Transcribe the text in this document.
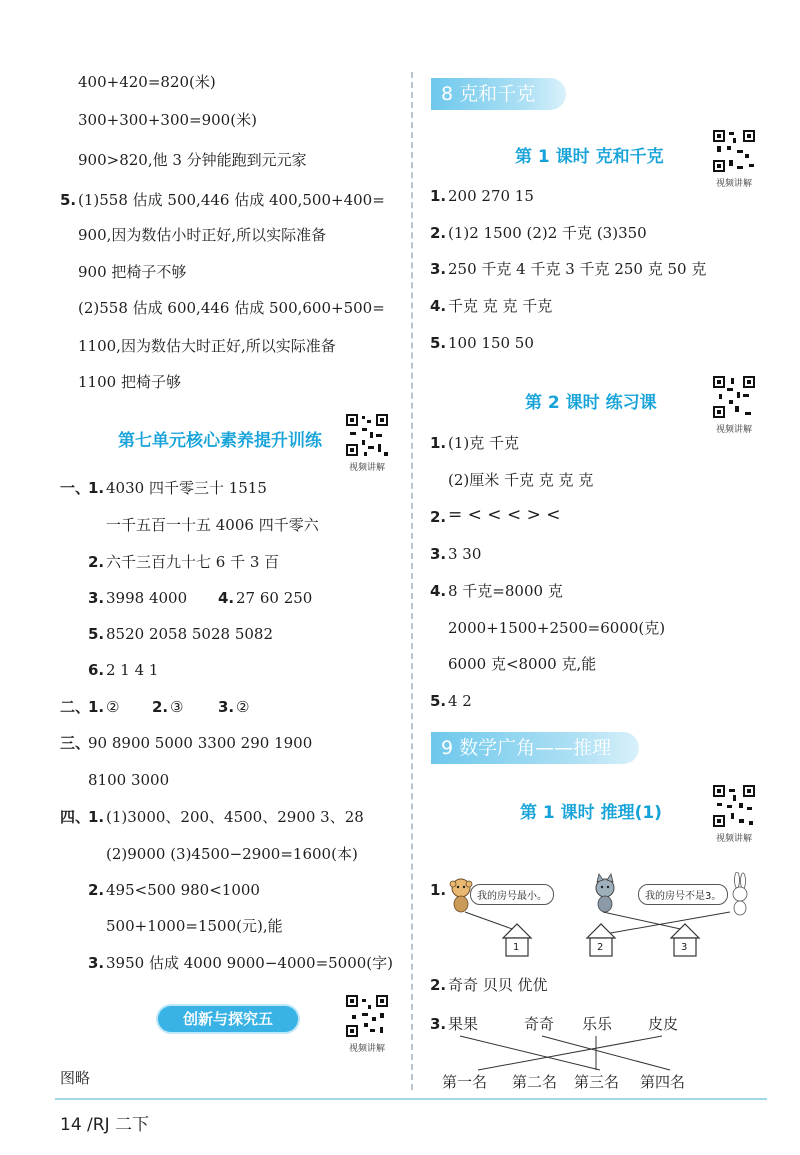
400+420=820(米)
300+300+300=900(米)
900>820,他 3 分钟能跑到元元家
5. (1)558 估成 500,446 估成 400,500+400=
900,因为数估小时正好,所以实际准备
900 把椅子不够
(2)558 估成 600,446 估成 500,600+500=
1100,因为数估大时正好,所以实际准备
1100 把椅子够
第七单元核心素养提升训练
视频讲解
一、
1. 4030 四千零三十 1515
一千五百一十五 4006 四千零六
2. 六千三百九十七 6 千 3 百
3. 3998 4000 4. 27 60 250
5. 8520 2058 5028 5082
6. 2 1 4 1
二、
1. ② 2. ③ 3. ②
三、
90 8900 5000 3300 290 1900
8100 3000
四、
1. (1)3000、200、4500、2900 3、28
(2)9000 (3)4500−2900=1600(本)
2. 495<500 980<1000
500+1000=1500(元),能
3. 3950 估成 4000 9000−4000=5000(字)
创新与探究五
视频讲解
图略
8 克和千克
第 1 课时 克和千克
视频讲解
1. 200 270 15
2. (1)2 1500 (2)2 千克 (3)350
3. 250 千克 4 千克 3 千克 250 克 50 克
4. 千克 克 克 千克
5. 100 150 50
第 2 课时 练习课
视频讲解
1. (1)克 千克
(2)厘米 千克 克 克 克
2. = < < < > <
3. 3 30
4. 8 千克=8000 克
2000+1500+2500=6000(克)
6000 克<8000 克,能
5. 4 2
9 数学广角——推理
第 1 课时 推理(1)
视频讲解
1.	我的房号最小。	我的房号不是3。
1	2	3
2. 奇奇 贝贝 优优
3. 果果	奇奇 乐乐 皮皮
第一名 第二名 第三名 第四名
14 /RJ 二下
